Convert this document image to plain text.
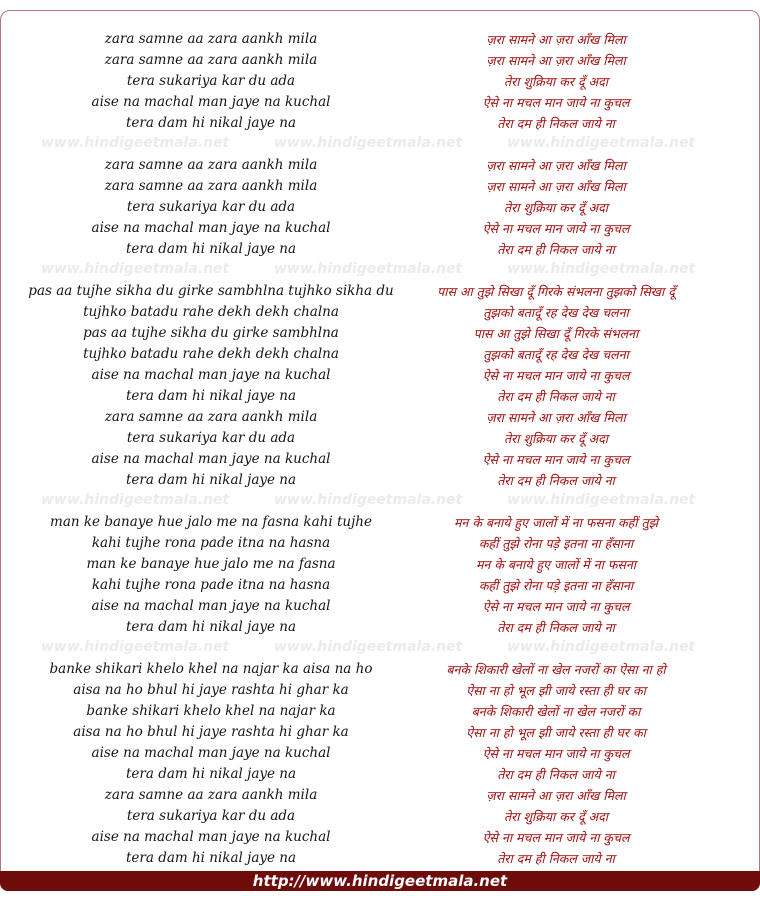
zara samne aa zara aankh mila	ज़रा सामने आ ज़रा आँख मिला
zara samne aa zara aankh mila	ज़रा सामने आ ज़रा आँख मिला
tera sukariya kar du ada	तेरा शुक्रिया कर दूँ अदा
aise na machal man jaye na kuchal	ऐसे ना मचल मान जाये ना कुचल
tera dam hi nikal jaye na	तेरा दम ही निकल जाये ना
www.hindigeetmala.net	www.hindigeetmala.net	www.hindigeetmala.net
zara samne aa zara aankh mila	ज़रा सामने आ ज़रा आँख मिला
zara samne aa zara aankh mila	ज़रा सामने आ ज़रा आँख मिला
tera sukariya kar du ada	तेरा शुक्रिया कर दूँ अदा
aise na machal man jaye na kuchal	ऐसे ना मचल मान जाये ना कुचल
tera dam hi nikal jaye na	तेरा दम ही निकल जाये ना
www.hindigeetmala.net	www.hindigeetmala.net	www.hindigeetmala.net
pas aa tujhe sikha du girke sambhlna tujhko sikha du	पास आ तुझे सिखा दूँ गिरके संभलना तुझको सिखा दूँ
tujhko batadu rahe dekh dekh chalna	तुझको बतादूँ रह देख देख चलना
pas aa tujhe sikha du girke sambhlna	पास आ तुझे सिखा दूँ गिरके संभलना
tujhko batadu rahe dekh dekh chalna	तुझको बतादूँ रह देख देख चलना
aise na machal man jaye na kuchal	ऐसे ना मचल मान जाये ना कुचल
tera dam hi nikal jaye na	तेरा दम ही निकल जाये ना
zara samne aa zara aankh mila	ज़रा सामने आ ज़रा आँख मिला
tera sukariya kar du ada	तेरा शुक्रिया कर दूँ अदा
aise na machal man jaye na kuchal	ऐसे ना मचल मान जाये ना कुचल
tera dam hi nikal jaye na	तेरा दम ही निकल जाये ना
www.hindigeetmala.net	www.hindigeetmala.net	www.hindigeetmala.net
man ke banaye hue jalo me na fasna kahi tujhe	मन के बनाये हुए जालों में ना फसना कहीं तुझे
kahi tujhe rona pade itna na hasna	कहीं तुझे रोना पड़े इतना ना हँसाना
man ke banaye hue jalo me na fasna	मन के बनाये हुए जालों में ना फसना
kahi tujhe rona pade itna na hasna	कहीं तुझे रोना पड़े इतना ना हँसाना
aise na machal man jaye na kuchal	ऐसे ना मचल मान जाये ना कुचल
tera dam hi nikal jaye na	तेरा दम ही निकल जाये ना
www.hindigeetmala.net	www.hindigeetmala.net	www.hindigeetmala.net
banke shikari khelo khel na najar ka aisa na ho	बनके शिकारी खेलों ना खेल नजरों का ऐसा ना हो
aisa na ho bhul hi jaye rashta hi ghar ka	ऐसा ना हो भूल झी जाये रस्ता ही घर का
banke shikari khelo khel na najar ka	बनके शिकारी खेलों ना खेल नजरों का
aisa na ho bhul hi jaye rashta hi ghar ka	ऐसा ना हो भूल झी जाये रस्ता ही घर का
aise na machal man jaye na kuchal	ऐसे ना मचल मान जाये ना कुचल
tera dam hi nikal jaye na	तेरा दम ही निकल जाये ना
zara samne aa zara aankh mila	ज़रा सामने आ ज़रा आँख मिला
tera sukariya kar du ada	तेरा शुक्रिया कर दूँ अदा
aise na machal man jaye na kuchal	ऐसे ना मचल मान जाये ना कुचल
tera dam hi nikal jaye na	तेरा दम ही निकल जाये ना
http://www.hindigeetmala.net
